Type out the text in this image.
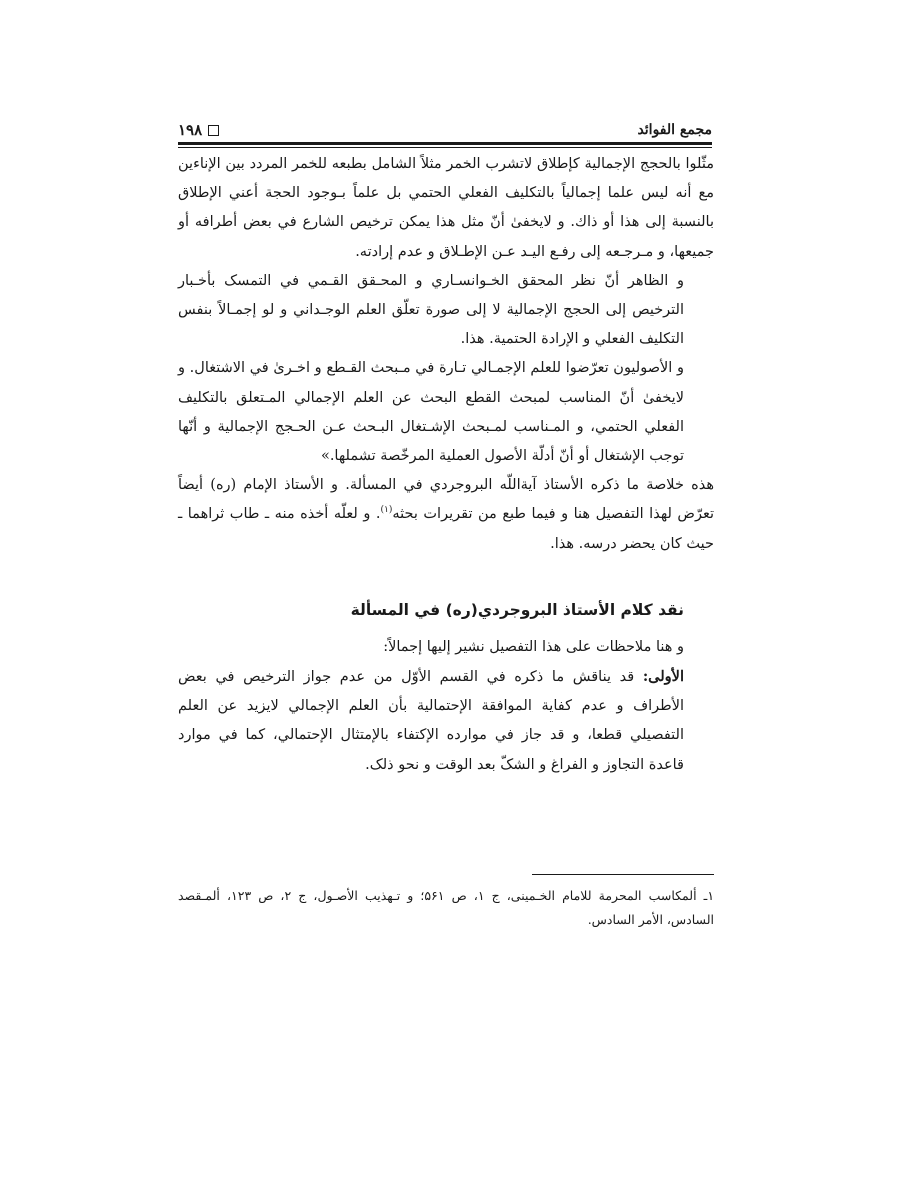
مجمع الفوائد
۱۹۸

مثّلوا بالحجج الإجمالية كإطلاق لاتشرب الخمر مثلاً الشامل بطبعه للخمر المردد بين الإناءين مع أنه ليس علما إجمالياً بالتكليف الفعلي الحتمي بل علماً بـوجود الحجة أعني الإطلاق بالنسبة إلى هذا أو ذاك. و لايخفىٰ أنّ مثل هذا يمكن ترخيص الشارع في بعض أطرافه أو جميعها، و مـرجـعه إلى رفـع اليـد عـن الإطـلاق و عدم إرادته.

و الظاهر أنّ نظر المحقق الخـوانسـاري و المحـقق القـمي في التمسک بأخـبار الترخيص إلى الحجج الإجمالية لا إلى صورة تعلّق العلم الوجـداني و لو إجمـالاً بنفس التكليف الفعلي و الإرادة الحتمية. هذا.

و الأصوليون تعرّضوا للعلم الإجمـالي تـارة في مـبحث القـطع و اخـرىٰ في الاشتغال. و لايخفىٰ أنّ المناسب لمبحث القطع البحث عن العلم الإجمالي المـتعلق بالتكليف الفعلي الحتمي، و المـناسب لمـبحث الإشـتغال البـحث عـن الحـجج الإجمالية و أنّها توجب الإشتغال أو أنّ أدلّة الأصول العملية المرخّصة تشملها.»

هذه خلاصة ما ذكره الأستاذ آيةاللّه البروجردي في المسألة. و الأستاذ الإمام (ره) أيضاً تعرّض لهذا التفصيل هنا و فيما طبع من تقريرات بحثه$^{(۱)}$. و لعلّه أخذه منه ـ طاب ثراهما ـ حيث كان يحضر درسه. هذا.

نقد كلام الأستاذ البروجردي(ره) في المسألة

و هنا ملاحظات على هذا التفصيل نشير إليها إجمالاً:

الأولى: قد يناقش ما ذكره في القسم الأوّل من عدم جواز الترخيص في بعض الأطراف و عدم كفاية الموافقة الإحتمالية بأن العلم الإجمالي لايزيد عن العلم التفصيلي قطعا، و قد جاز في موارده الإكتفاء بالإمتثال الإحتمالي، كما في موارد قاعدة التجاوز و الفراغ و الشکّ بعد الوقت و نحو ذلک.

۱ـ ألمكاسب المحرمة للامام الخـمينى، ج ۱، ص ۵۶۱؛ و تـهذيب الأصـول، ج ۲، ص ۱۲۳، ألمـقصد السادس، الأمر السادس.
